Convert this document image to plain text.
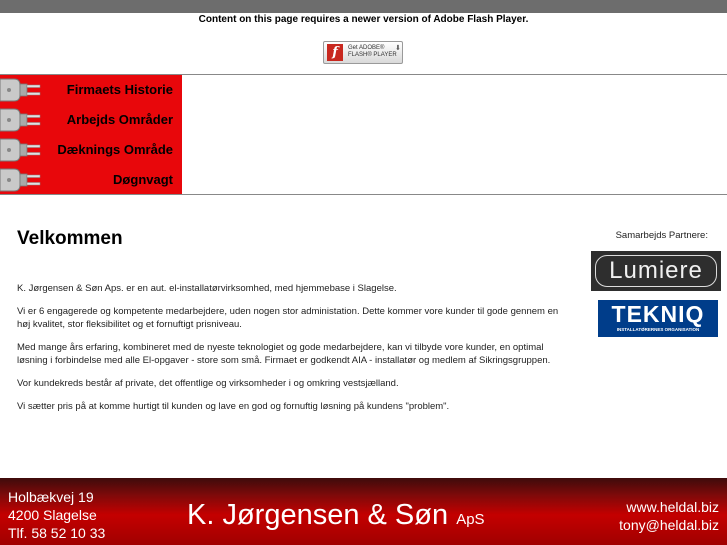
Content on this page requires a newer version of Adobe Flash Player.
f	Get ADOBE®
FLASH® PLAYER
⬇
Firmaets Historie
Arbejds Områder
Dæknings Område
Døgnvagt
Velkommen

K. Jørgensen & Søn Aps. er en aut. el-installatørvirksomhed, med hjemmebase i Slagelse.

Vi er 6 engagerede og kompetente medarbejdere, uden nogen stor administation. Dette kommer vore kunder til gode gennem en høj kvalitet, stor fleksibilitet og et fornuftigt prisniveau.

Med mange års erfaring, kombineret med de nyeste teknologiet og gode medarbejdere, kan vi tilbyde vore kunder, en optimal løsning i forbindelse med alle El-opgaver - store som små. Firmaet er godkendt AIA - installatør og medlem af Sikringsgruppen.

Vor kundekreds består af private, det offentlige og virksomheder i og omkring vestsjælland.

Vi sætter pris på at komme hurtigt til kunden og lave en god og fornuftig løsning på kundens "problem".

Samarbejds Partnere:
Lumiere
TEKNIQ
INSTALLATØRERNES ORGANISATION
Holbækvej 19
4200 Slagelse
Tlf. 58 52 10 33
K. Jørgensen & Søn ApS
www.heldal.biz
tony@heldal.biz
